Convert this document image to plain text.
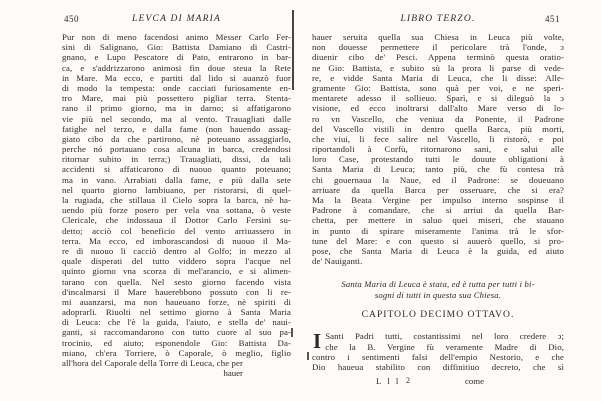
450	LEVCA DI MARIA
Pur non di meno facendosi animo Messer Carlo Fer-
sini di Salignano, Gio: Battista Damiano di Castri-
gnano, e Lupo Pescatore di Pato, entrarono in bar-
ca, e s'addrizzarono animosi fin doue steua la Rete
in Mare. Ma ecco, e partiti dal lido si auanzò fuor
di modo la tempesta: onde cacciati furiosamente en-
tro Mare, mai più possettero pigliar terra. Stenta-
rano il primo giorno, ma in darno; si affatigarono
vie più nel secondo, ma al vento. Trauagliati dalle
fatighe nel terzo, e dalla fame (non hauendo assag-
giato cibo da che partirono, nè poteuano assaggiarlo,
perche nó portauano cosa alcuna in barca, credendosi
ritornar subito in terra;) Trauagliati, dissi, da tali
accidenti si affaticarono di nuouo quanto poteuano;
ma in vano. Arrabiati dalla fame, e più dalla sete
nel quarto giorno lambiuano, per ristorarsi, di quel-
la rugiada, che stillaua il Cielo sopra la barca, nè ha-
uendo più forze posero per vela vna sottana, ò veste
Clericale, che indossaua il Dottor Carlo Fersini su-
detto; acciò col beneficio del vento arriuassero in
terra. Ma ecco, ed imborascandosi di nuouo il Ma-
re di nuouo li cacciò dentro al Golfo; in mezzo al
quale disperati del tutto viddero sopra l'acque nel
quinto giorno vna scorza di mel'arancio, e si alimen-
tarano con quella. Nel sesto giorno facendo vista
d'incalmarsi il Mare hauerebbono possuto con li re-
mi auanzarsi, ma non haueuano forze, nè spiriti di
adoprarli. Riuolti nel settimo giorno à Santa Maria
di Leuca: che l'è la guida, l'aiuto, e stella de' naui-
ganti, si raccomandarono con tutto cuore al suo pa-
trocinio, ed aiuto; esponendole Gio: Battista Da-
miano, ch'era Torriere, ò Caporale, ò meglio, figlio
all'hora del Caporale della Torre di Leuca, che per
hauer
LIBRO TERZO.	451
hauer seruita quella sua Chiesa in Leuca più volte,
non douesse permettere il pericolare trà l'onde, ↄ
diuenir cibo de' Pesci. Appena terminò questa oratio-
ne Gio: Battista, e subito sù la prora li parse di vede-
re, e vidde Santa Maria di Leuca, che li disse: Alle-
gramente Gio: Battista, sono quà per voi, e ne speri-
mentarete adesso il sollieuo. Sparì, e si dileguò la ↄ
visione, ed ecco inoltrarsi dall'alto Mare verso di lo-
ro vn Vascello, che veniua da Ponente, il Padrone
del Vascello vistili in dentro quella Barca, più morti,
che viui, li fece salire nel Vascello, li ristorò, e poi
riportandoli à Corfù, ritornarono sani, e salui alle
loro Case, protestando tutti le douute obligationi à
Santa Maria di Leuca; tanto più, che fù contesa trà
chi gouernaua la Naue, ed il Padrone: se doueuano
arriuare da quella Barca per osseruare, che si era?
Ma la Beata Vergine per impulso interno sospinse il
Padrone à comandare, che si arriui da quella Bar-
chetta, per mettere in saluo quei miseri, che stauano
in punto di spirare miseramente l'anima trà le sfor-
tune del Mare: e con questo si auuerò quello, si pro-
pose, che Santa Maria di Leuca è la guida, ed aiuto
de' Nauiganti.
Santa Maria di Leuca è stata, ed è tutta per tutti i bi-
sogni di tutti in questa sua Chiesa.
CAPITOLO DECIMO OTTAVO.
I Santi Padri tutti, costantissimi nel loro credere ↄ;
che la B. Vergine fù veramente Madre di Dio,
contro i sentimenti falsi dell'empio Nestorio, e che
Dio haueua stabilito con diffinitiuo decreto, che sì
L l l 2	come
